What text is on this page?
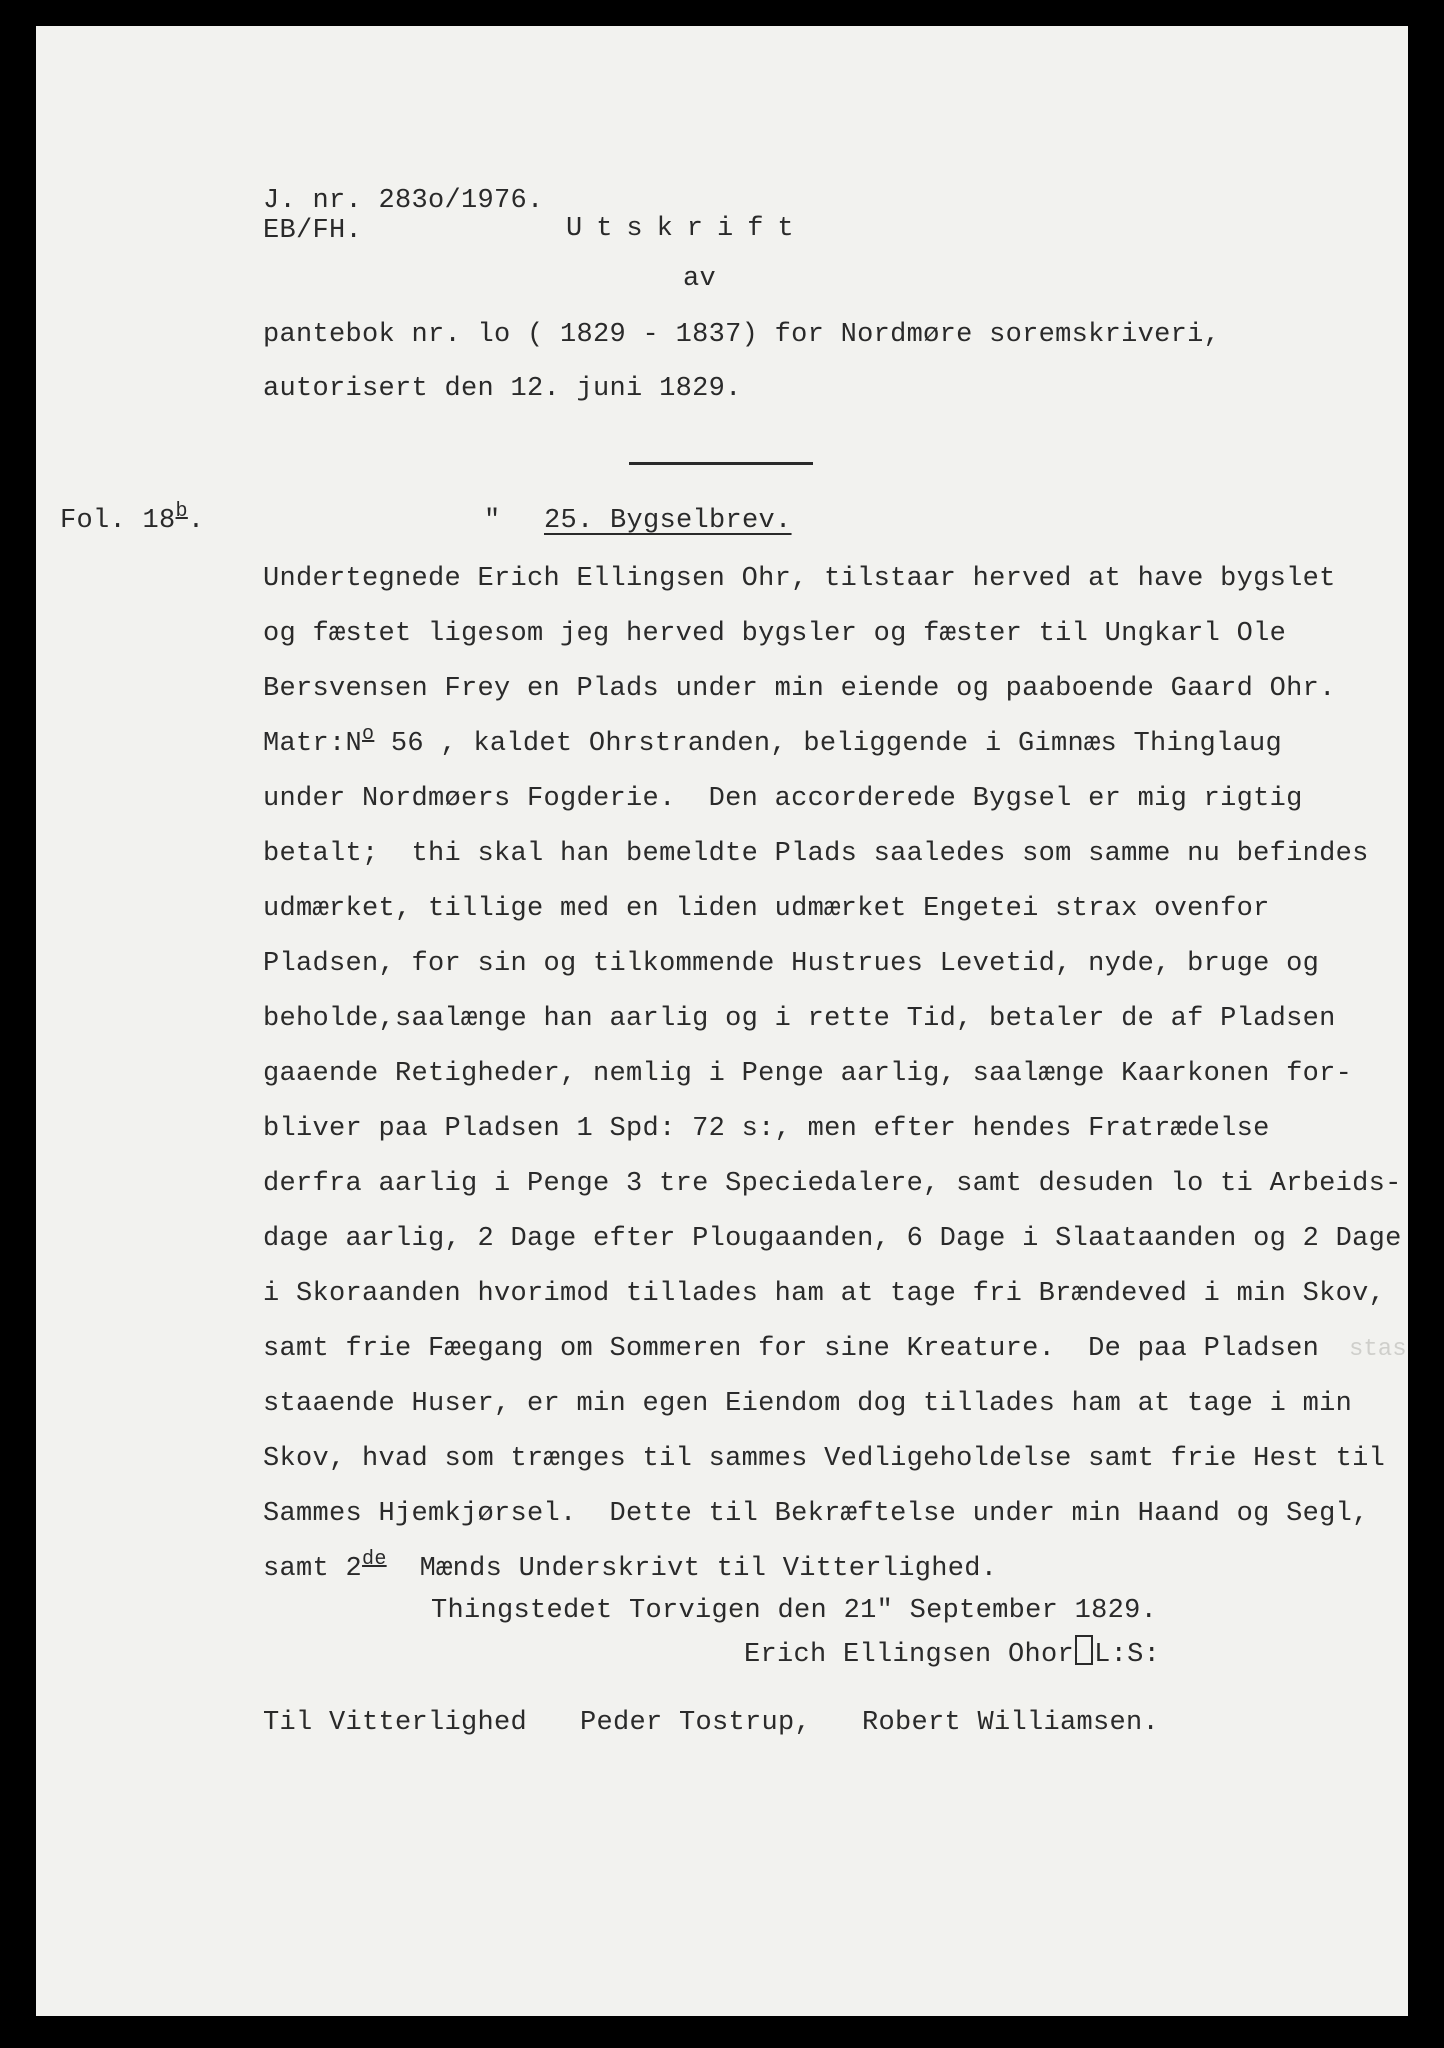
J. nr. 283o/1976.
EB/FH.	Utskrift
av
pantebok nr. lo ( 1829 - 1837) for Nordmøre soremskriveri,
autorisert den 12. juni 1829.
Fol. 18$^b$.	" 25. Bygselbrev.
Undertegnede Erich Ellingsen Ohr, tilstaar herved at have bygslet
og fæstet ligesom jeg herved bygsler og fæster til Ungkarl Ole
Bersvensen Frey en Plads under min eiende og paaboende Gaard Ohr.
$Matr:N^o$ 56 , kaldet Ohrstranden, beliggende i Gimnæs Thinglaug
under Nordmøers Fogderie.  Den accorderede Bygsel er mig rigtig
betalt;  thi skal han bemeldte Plads saaledes som samme nu befindes
udmærket, tillige med en liden udmærket Engetei strax ovenfor
Pladsen, for sin og tilkommende Hustrues Levetid, nyde, bruge og
beholde,saalænge han aarlig og i rette Tid, betaler de af Pladsen
gaaende Retigheder, nemlig i Penge aarlig, saalænge Kaarkonen for-
bliver paa Pladsen 1 Spd: 72 s:, men efter hendes Fratrædelse
derfra aarlig i Penge 3 tre Speciedalere, samt desuden lo ti Arbeids-
dage aarlig, 2 Dage efter Plougaanden, 6 Dage i Slaataanden og 2 Dage
i Skoraanden hvorimod tillades ham at tage fri Brændeved i min Skov,
samt frie Fæegang om Sommeren for sine Kreature.  De paa Pladsen
staaende Huser, er min egen Eiendom dog tillades ham at tage i min
Skov, hvad som trænges til sammes Vedligeholdelse samt frie Hest til
Sammes Hjemkjørsel.  Dette til Bekræftelse under min Haand og Segl,
samt 2de  Mænds Underskrivt til Vitterlighed.
Thingstedet Torvigen den 21" September 1829.
Erich Ellingsen Ohor L:S:
Til Vitterlighed Peder Tostrup, Robert Williamsen.
stas
